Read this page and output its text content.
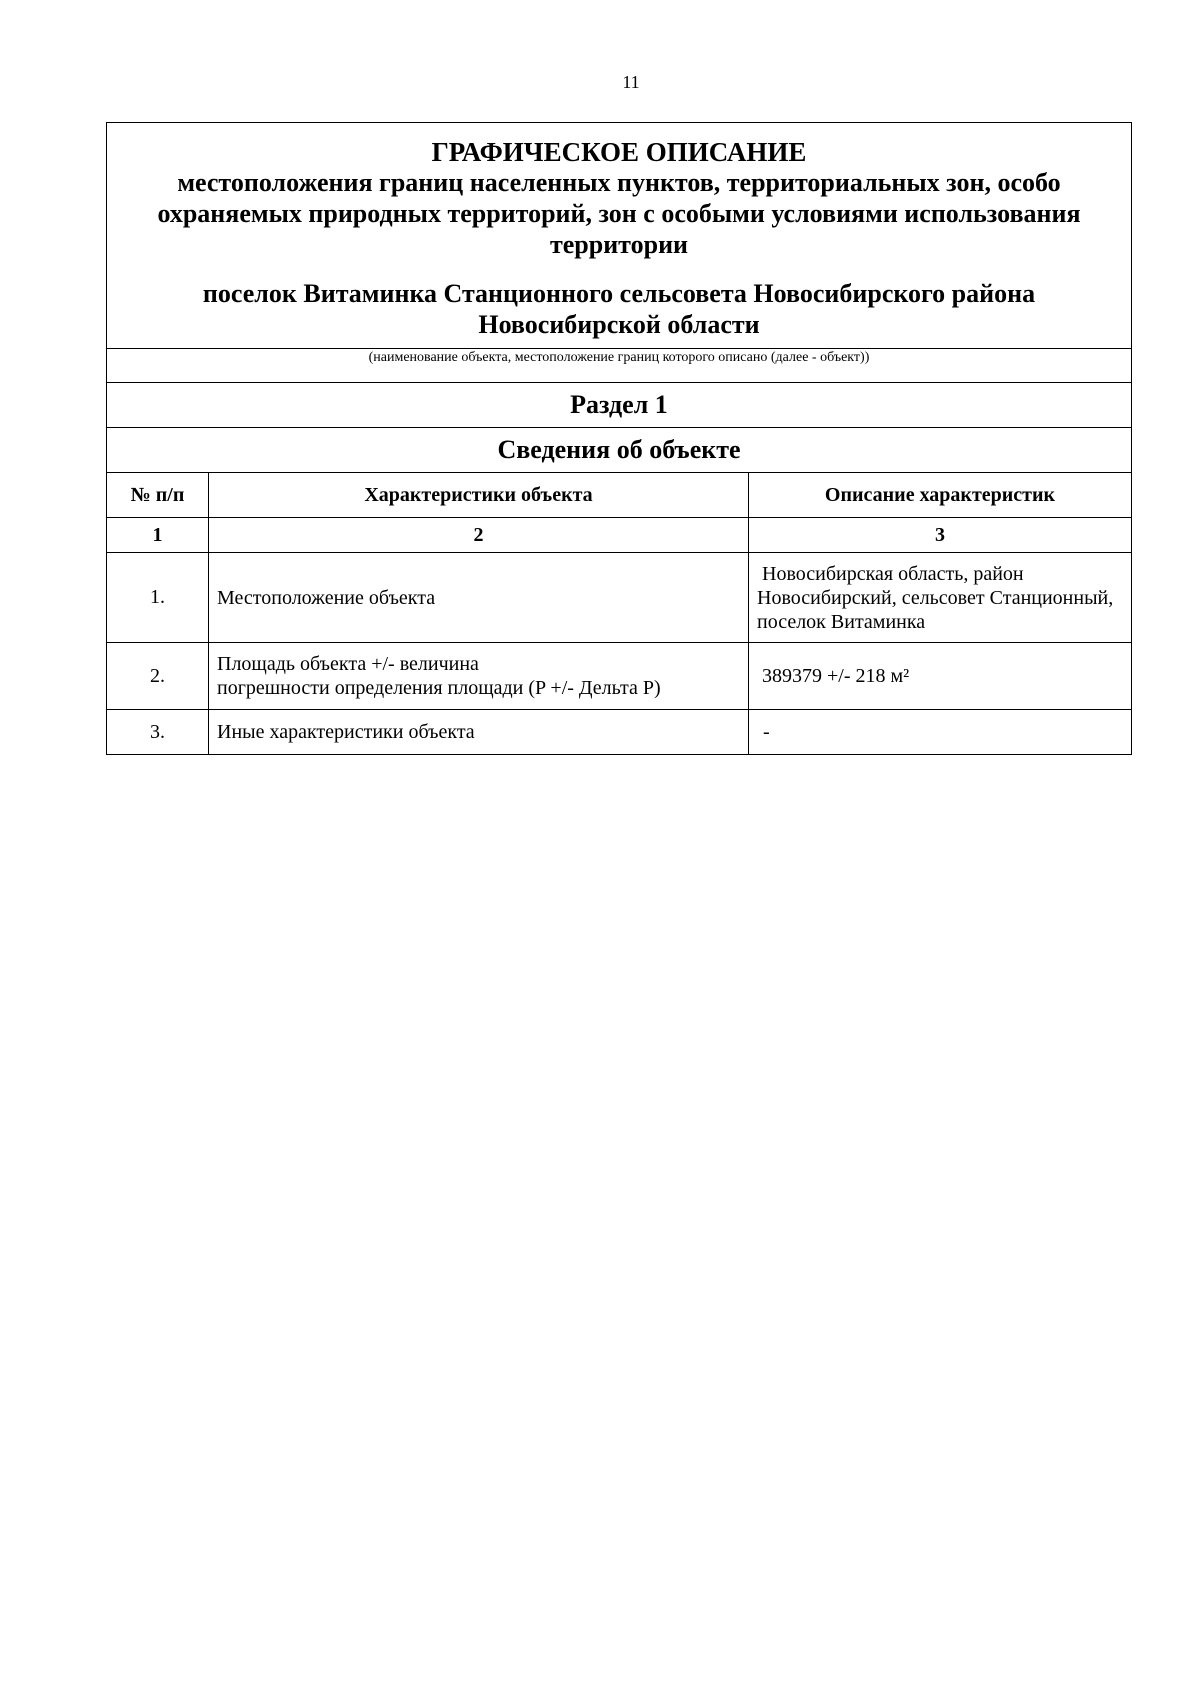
11
ГРАФИЧЕСКОЕ ОПИСАНИЕ
местоположения границ населенных пунктов, территориальных зон, особо
охраняемых природных территорий, зон с особыми условиями использования
территории
поселок Витаминка Станционного сельсовета Новосибирского района
Новосибирской области
(наименование объекта, местоположение границ которого описано (далее - объект))
Раздел 1
Сведения об объекте
№ п/п	Характеристики объекта	Описание характеристик
1	2	3
1.	Местоположение объекта	Новосибирская область, район
Новосибирский, сельсовет Станционный,
поселок Витаминка

2.	Площадь объекта +/- величина
погрешности определения площади (P +/- Дельта P)	389379 +/- 218 м²

3.	Иные характеристики объекта	-
